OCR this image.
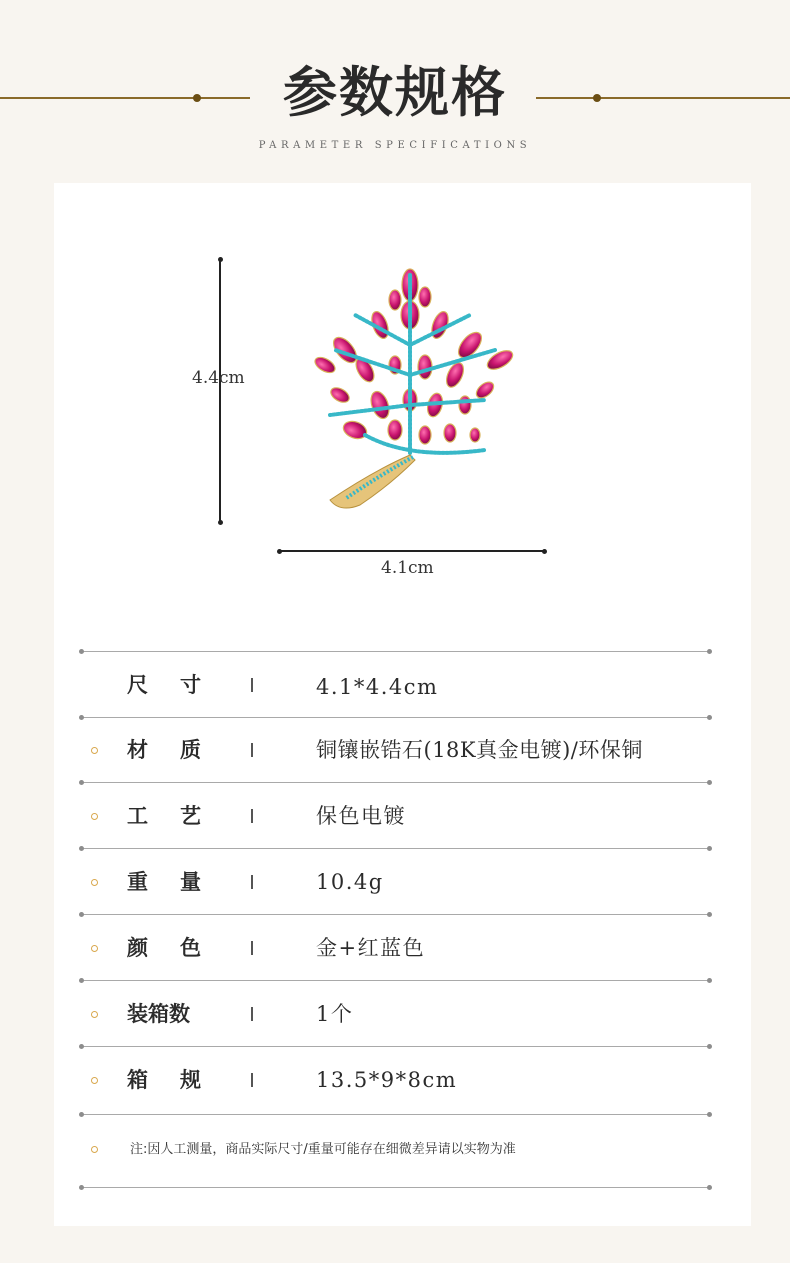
参数规格
PARAMETER SPECIFICATIONS
4.4cm
4.1cm
尺寸	4.1*4.4cm
材质	铜镶嵌锆石(18K真金电镀)/环保铜
工艺	保色电镀
重量	10.4g
颜色	金+红蓝色
装箱数	1个
箱规	13.5*9*8cm
注:因人工测量，商品实际尺寸/重量可能存在细微差异请以实物为准
